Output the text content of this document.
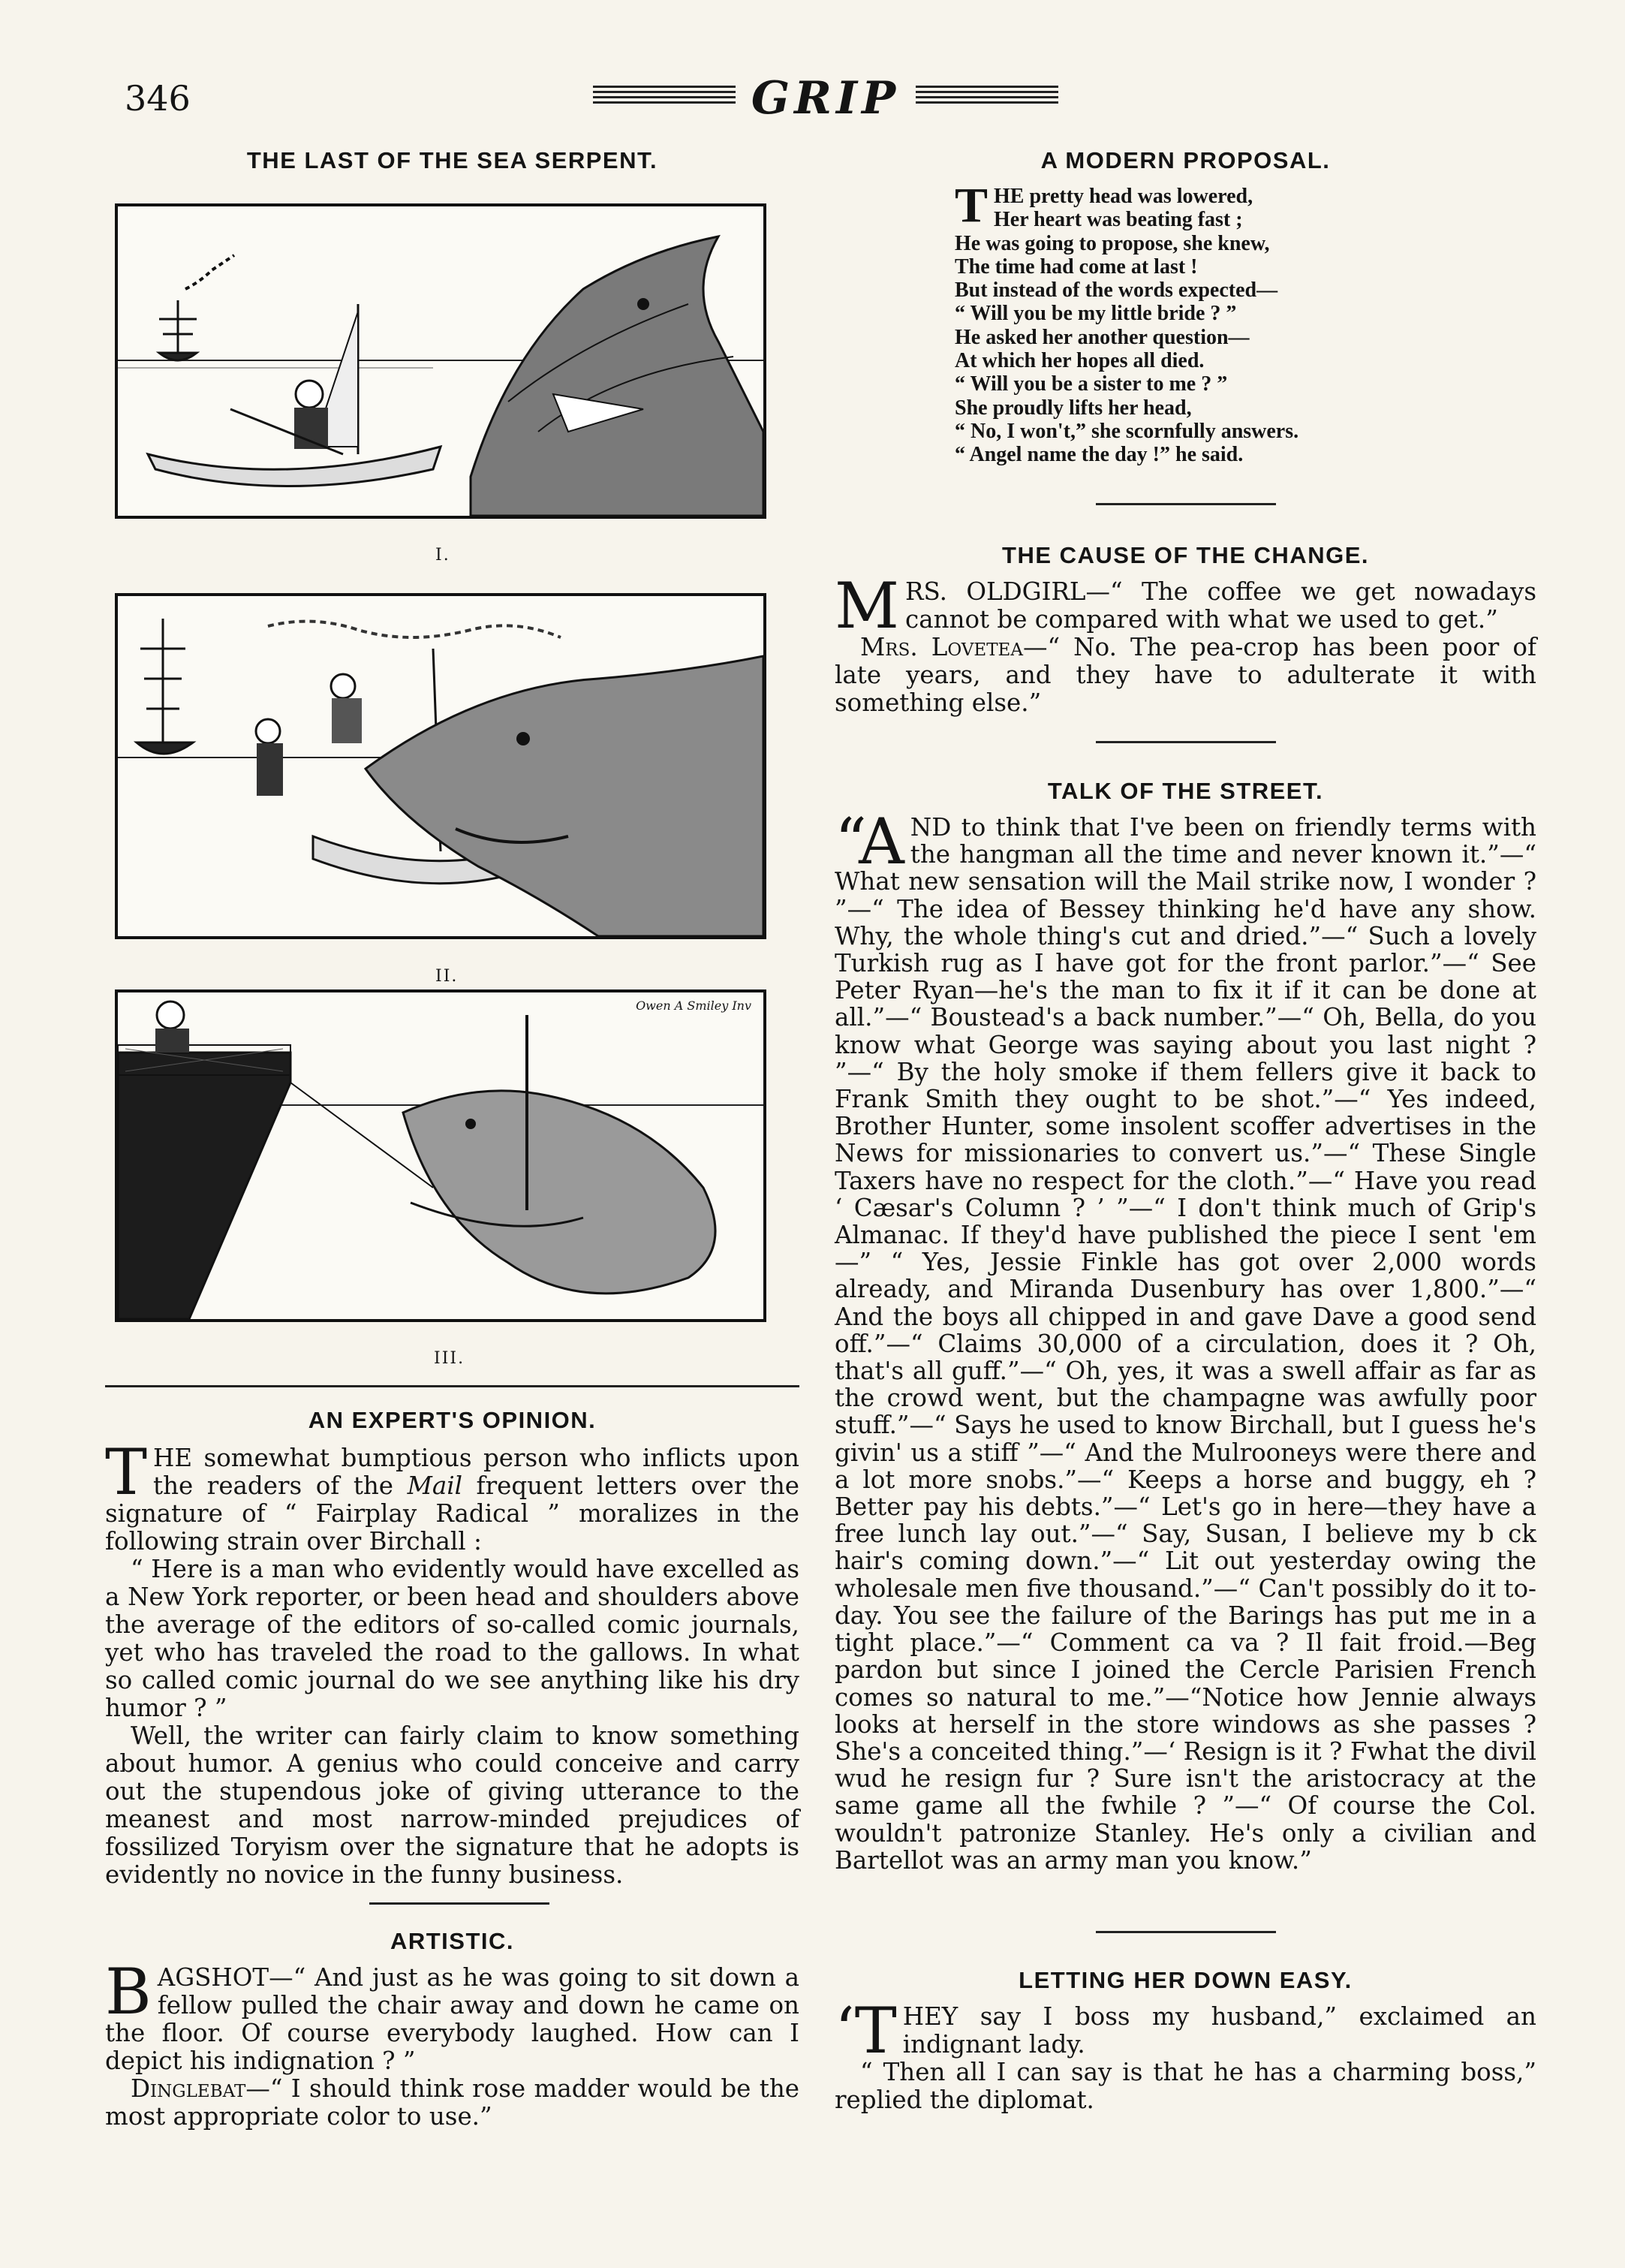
346	GRIP
THE LAST OF THE SEA SERPENT.
I.
II.
Owen A Smiley Inv
III.
AN EXPERT'S OPINION.

THE somewhat bumptious person who inflicts upon the readers of the Mail frequent letters over the signature of “ Fairplay Radical ” moralizes in the following strain over Birchall :

“ Here is a man who evidently would have excelled as a New York reporter, or been head and shoulders above the average of the editors of so-called comic journals, yet who has traveled the road to the gallows. In what so called comic journal do we see anything like his dry humor ? ”

Well, the writer can fairly claim to know something about humor. A genius who could conceive and carry out the stupendous joke of giving utterance to the meanest and most narrow-minded prejudices of fossilized Toryism over the signature that he adopts is evidently no novice in the funny business.

ARTISTIC.

BAGSHOT—“ And just as he was going to sit down a fellow pulled the chair away and down he came on the floor. Of course everybody laughed. How can I depict his indignation ? ”

Dinglebat—“ I should think rose madder would be the most appropriate color to use.”

A MODERN PROPOSAL.
T HE pretty head was lowered,
Her heart was beating fast ;
He was going to propose, she knew,
The time had come at last !
But instead of the words expected—
“ Will you be my little bride ? ”
He asked her another question—
At which her hopes all died.
“ Will you be a sister to me ? ”
She proudly lifts her head,
“ No, I won't,” she scornfully answers.
“ Angel name the day !” he said.
THE CAUSE OF THE CHANGE.

MRS. OLDGIRL—“ The coffee we get nowadays cannot be compared with what we used to get.”

Mrs. Lovetea—“ No. The pea-crop has been poor of late years, and they have to adulterate it with something else.”

TALK OF THE STREET.

“A ND to think that I've been on friendly terms with the hangman all the time and never known it.”—“ What new sensation will the Mail strike now, I wonder ? ”—“ The idea of Bessey thinking he'd have any show. Why, the whole thing's cut and dried.”—“ Such a lovely Turkish rug as I have got for the front parlor.”—“ See Peter Ryan—he's the man to fix it if it can be done at all.”—“ Boustead's a back number.”—“ Oh, Bella, do you know what George was saying about you last night ? ”—“ By the holy smoke if them fellers give it back to Frank Smith they ought to be shot.”—“ Yes indeed, Brother Hunter, some insolent scoffer advertises in the News for missionaries to convert us.”—“ These Single Taxers have no respect for the cloth.”—“ Have you read ‘ Cæsar's Column ? ’ ”—“ I don't think much of Grip's Almanac. If they'd have published the piece I sent 'em—” “ Yes, Jessie Finkle has got over 2,000 words already, and Miranda Dusenbury has over 1,800.”—“ And the boys all chipped in and gave Dave a good send off.”—“ Claims 30,000 of a circulation, does it ? Oh, that's all guff.”—“ Oh, yes, it was a swell affair as far as the crowd went, but the champagne was awfully poor stuff.”—“ Says he used to know Birchall, but I guess he's givin' us a stiff ”—“ And the Mulrooneys were there and a lot more snobs.”—“ Keeps a horse and buggy, eh ? Better pay his debts.”—“ Let's go in here—they have a free lunch lay out.”—“ Say, Susan, I believe my b ck hair's coming down.”—“ Lit out yesterday owing the wholesale men five thousand.”—“ Can't possibly do it to-day. You see the failure of the Barings has put me in a tight place.”—“ Comment ca va ? Il fait froid.—Beg pardon but since I joined the Cercle Parisien French comes so natural to me.”—“Notice how Jennie always looks at herself in the store windows as she passes ? She's a conceited thing.”—‘ Resign is it ? Fwhat the divil wud he resign fur ? Sure isn't the aristocracy at the same game all the fwhile ? ”—“ Of course the Col. wouldn't patronize Stanley. He's only a civilian and Bartellot was an army man you know.”

LETTING HER DOWN EASY.

‘T HEY say I boss my husband,” exclaimed an indignant lady.

“ Then all I can say is that he has a charming boss,” replied the diplomat.
